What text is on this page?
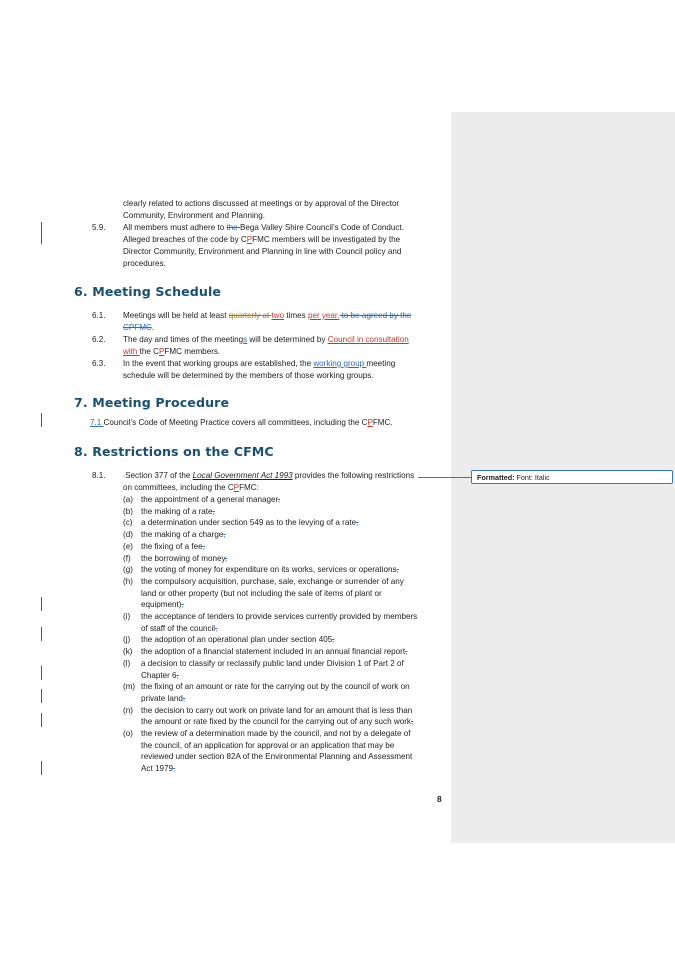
Formatted: Font: Italic
clearly related to actions discussed at meetings or by approval of the Director
Community, Environment and Planning.
5.9. All members must adhere to the Bega Valley Shire Council’s Code of Conduct.
Alleged breaches of the code by CPFMC members will be investigated by the
Director Community, Environment and Planning in line with Council policy and
procedures.
6. Meeting Schedule
6.1. Meetings will be held at least quarterly at two times per year. to be agreed by the
CPFMC.
6.2. The day and times of the meetings will be determined by Council in consultation
with the CPFMC members.
6.3. In the event that working groups are established, the working group meeting
schedule will be determined by the members of those working groups.
7. Meeting Procedure
7.1 Council’s Code of Meeting Practice covers all committees, including the CPFMC.
8. Restrictions on the CFMC
8.1.	◦Section 377 of the Local Government Act 1993 provides the following restrictions
on committees, including the CPFMC:
(a) the appointment of a general manager,
(b) the making of a rate,
(c) a determination under section 549 as to the levying of a rate,
(d) the making of a charge,
(e) the fixing of a fee,
(f) the borrowing of money,
(g) the voting of money for expenditure on its works, services or operations,
(h) the compulsory acquisition, purchase, sale, exchange or surrender of any
land or other property (but not including the sale of items of plant or
equipment),
(i) the acceptance of tenders to provide services currently provided by members
of staff of the council,
(j) the adoption of an operational plan under section 405,
(k) the adoption of a financial statement included in an annual financial report,
(l) a decision to classify or reclassify public land under Division 1 of Part 2 of
Chapter 6,
(m) the fixing of an amount or rate for the carrying out by the council of work on
private land,
(n) the decision to carry out work on private land for an amount that is less than
the amount or rate fixed by the council for the carrying out of any such work,
(o) the review of a determination made by the council, and not by a delegate of
the council, of an application for approval or an application that may be
reviewed under section 82A of the Environmental Planning and Assessment
Act 1979,
8
